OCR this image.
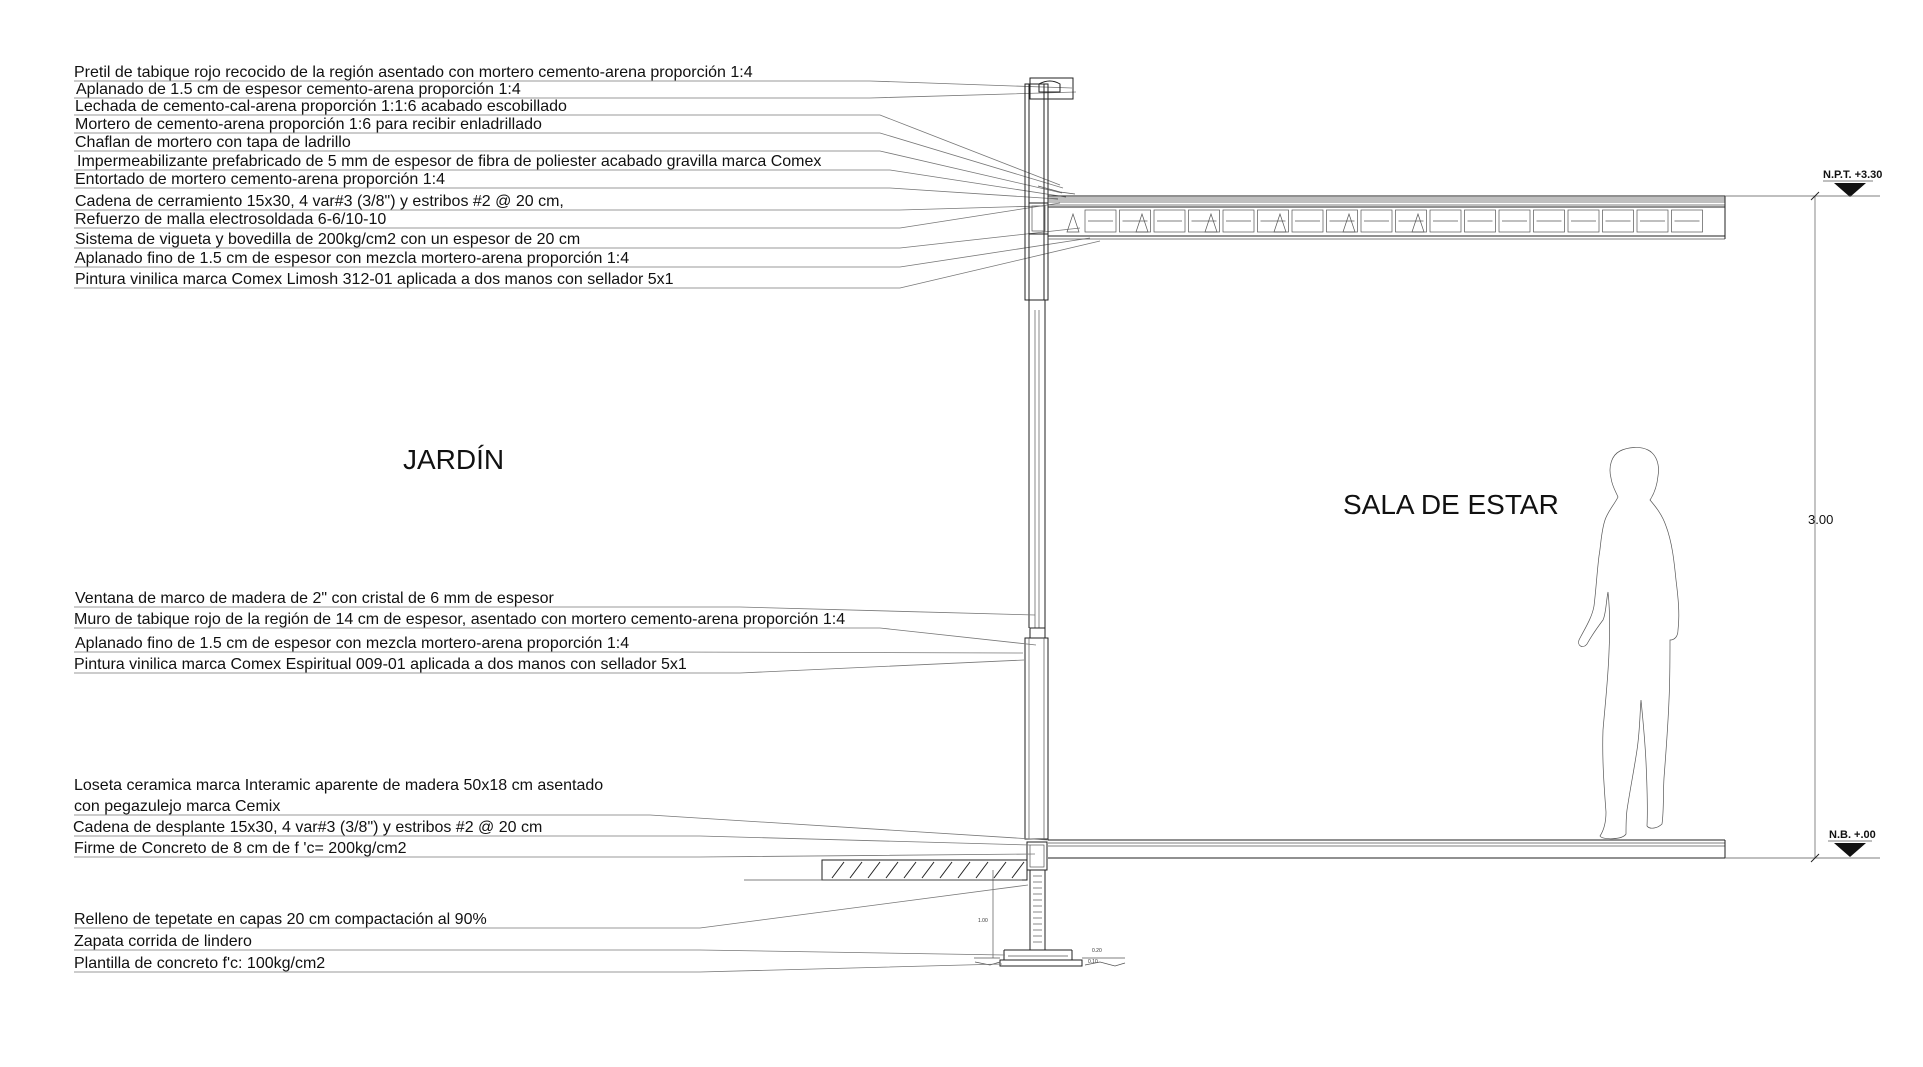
Pretil de tabique rojo recocido de la región asentado con mortero cemento-arena proporción 1:4
Aplanado de 1.5 cm de espesor cemento-arena proporción 1:4
Lechada de cemento-cal-arena proporción 1:1:6 acabado escobillado
Mortero de cemento-arena proporción 1:6 para recibir enladrillado
Chaflan de mortero con tapa de ladrillo
Impermeabilizante prefabricado de 5 mm de espesor de fibra de poliester acabado gravilla marca Comex
Entortado de mortero cemento-arena proporción 1:4
Cadena de cerramiento 15x30, 4 var#3 (3/8") y estribos #2 @ 20 cm,
Refuerzo de malla electrosoldada 6-6/10-10
Sistema de vigueta y bovedilla de 200kg/cm2 con un espesor de 20 cm
Aplanado fino de 1.5 cm de espesor con mezcla mortero-arena proporción 1:4
Pintura vinilica marca Comex Limosh 312-01 aplicada a dos manos con sellador 5x1
1.00
0.20
0.10
Ventana de marco de madera de 2" con cristal de 6 mm de espesor
Muro de tabique rojo de la región de 14 cm de espesor, asentado con mortero cemento-arena proporción 1:4
Aplanado fino de 1.5 cm de espesor con mezcla mortero-arena proporción 1:4
Pintura vinilica marca Comex Espiritual 009-01 aplicada a dos manos con sellador 5x1
Loseta ceramica marca Interamic aparente de madera 50x18 cm asentado
con pegazulejo marca Cemix
Cadena de desplante 15x30, 4 var#3 (3/8") y estribos #2 @ 20 cm
Firme de Concreto de 8 cm de f 'c= 200kg/cm2
Relleno de tepetate en capas 20 cm compactación al 90%
Zapata corrida de lindero
Plantilla de concreto f'c: 100kg/cm2
JARDÍN
SALA DE ESTAR
N.P.T. +3.30
N.B. +.00
3.00
